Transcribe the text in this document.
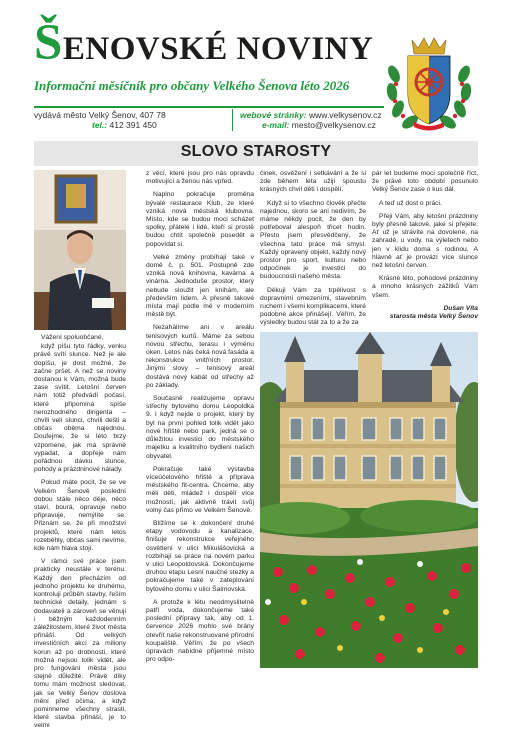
ŠENOVSKÉ NOVINY
Informační měsíčník pro občany Velkého Šenova léto 2026
vydává město Velký Šenov, 407 78
tel.: 412 391 450
webové stránky: www.velkysenov.cz
e-mail: mesto@velkysenov.cz
SLOVO STAROSTY

Vážení spoluobčané,

když píšu tyto řádky, venku právě svítí slunce. Než je ale dopíšu, je dost možné, že začne pršet. A než se noviny dostanou k Vám, možná bude zase svítit. Letošní červen nám totiž předvádí počasí, které připomíná spíše nerozhodného dirigenta – chvíli velí slunci, chvíli dešti a občas oběma najednou. Doufejme, že si léto brzy vzpomene, jak má správně vypadat, a dopřeje nám pořádnou dávku slunce, pohody a prázdninové nálady.

Pokud máte pocit, že se ve Velkém Šenově poslední dobou stále něco děje, něco staví, bourá, opravuje nebo připravuje, nemýlíte se. Přiznám se, že při množství projektů, které nám letos rozeběhly, občas sami nevíme, kde nám hlava stojí.

V rámci své práce jsem prakticky neustále v terénu. Každý den přecházím od jednoho projektu ke druhému, kontroluji průběh stavby, řeším technické detaily, jednám s dodavateli a zároveň se věnuji i běžným každodenním záležitostem, které život města přináší. Od velkých investičních akcí za miliony korun až po drobnosti, které možná nejsou tolik vidět, ale pro fungování města jsou stejně důležité. Právě díky tomu mám možnost sledovat, jak se Velký Šenov doslova mění před očima, a když pominneme všechny strasti, které stavba přináší, je to velmi

z věcí, které jsou pro nás opravdu motivující a ženou nás vpřed.

Naplno pokračuje proměna bývalé restaurace Klub, ze které vzniká nová městská klubovna. Místo, kde se budou moci scházet spolky, přátelé i lidé, kteří si prostě budou chtít společně posedět a popovídat si.

Velké změny probíhají také v domě č. p. 501. Postupně zde vzniká nová knihovna, kavárna a vinárna. Jednoduše prostor, který nebude sloužit jen knihám, ale především lidem. A přesně takové místa mají podle mě v moderním městě být.

Nezahálíme ani v areálu tenisových kurtů. Máme za sebou novou střechu, terasu i výměnu oken. Letos nás čeká nová fasáda a rekonstrukce vnitřních prostor. Jinými slovy – tenisový areál dostává nový kabát od střechy až po základy.

Současně realizujeme opravu střechy bytového domu Leopoldka 9. I když nejde o projekt, který by byl na první pohled tolik vidět jako nové hřiště nebo park, jedná se o důležitou investici do městského majetku a kvalitního bydlení našich obyvatel.

Pokračuje také výstavba víceúčelového hřiště a příprava městského fit-centra. Chceme, aby měli děti, mládež i dospělí více možností, jak aktivně trávit svůj volný čas přímo ve Velkém Šenově.

Blížíme se k dokončení druhé etapy vodovodu a kanalizace, finišuje rekonstrukce veřejného osvětlení v ulici Mikulášovická a rozbíhají se práce na novém parku v ulici Leopoldovská. Dokončujeme druhou etapu Lesní naučné stezky a pokračujeme také v zateplování bytového domu v ulici Šalmovská.

A protože k létu neodmyslitelně patří voda, dokončujeme také poslední přípravy tak, aby od 1. července 2026 mohlo své brány otevřít naše rekonstruované přírodní koupaliště. Věřím, že po všech úpravách nabídne příjemné místo pro odpo-

činek, osvěžení i setkávání a že si zde během léta užijí spoustu krásných chvil děti i dospělí.

Když si to všechno člověk přečte najednou, skoro se ani nedivím, že máme někdy pocit, že den by potřeboval alespoň třicet hodin. Přesto jsem přesvědčený, že všechna tato práce má smysl. Každý opravený objekt, každý nový prostor pro sport, kulturu nebo odpočinek je investicí do budoucnosti našeho města.

Děkuji Vám za trpělivost s dopravními omezeními, stavebním ruchem i všemi komplikacemi, které podobné akce přinášejí. Věřím, že výsledky budou stát za to a že za

pár let budeme moci společně říct, že právě toto období posunulo Velký Šenov zase o kus dál.

A teď už dost o práci.

Přeji Vám, aby letošní prázdniny byly přesně takové, jaké si přejete. Ať už je strávíte na dovolené, na zahradě, u vody, na výletech nebo jen v klidu doma s rodinou. A hlavně ať je provází více slunce než letošní červen.

Krásné léto, pohodové prázdniny a mnoho krásných zážitků Vám všem.

Dušan Víta
starosta města Velký Šenov
